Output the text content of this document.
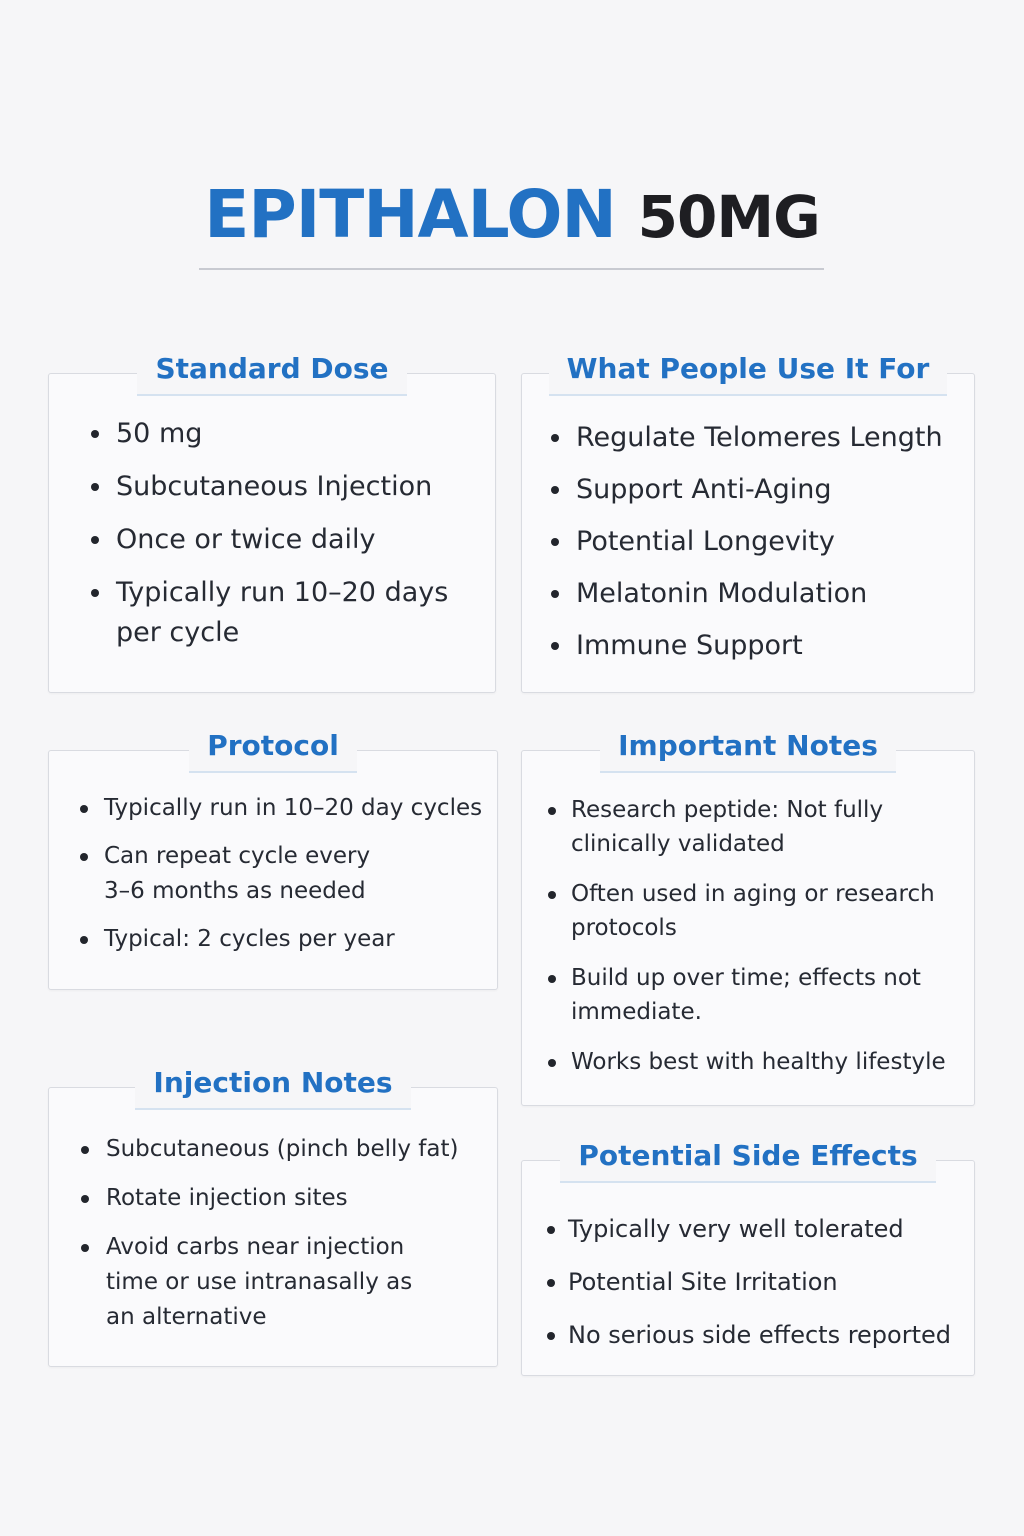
EPITHALON 50MG
Standard Dose
50 mg
Subcutaneous Injection
Once or twice daily
Typically run 10–20 days per cycle
What People Use It For
Regulate Telomeres Length
Support Anti-Aging
Potential Longevity
Melatonin Modulation
Immune Support
Protocol
Typically run in 10–20 day cycles
Can repeat cycle every 3–6 months as needed
Typical: 2 cycles per year
Important Notes
Research peptide: Not fully clinically validated
Often used in aging or research protocols
Build up over time; effects not immediate.
Works best with healthy lifestyle
Injection Notes
Subcutaneous (pinch belly fat)
Rotate injection sites
Avoid carbs near injection time or use intranasally as an alternative
Potential Side Effects
Typically very well tolerated
Potential Site Irritation
No serious side effects reported
